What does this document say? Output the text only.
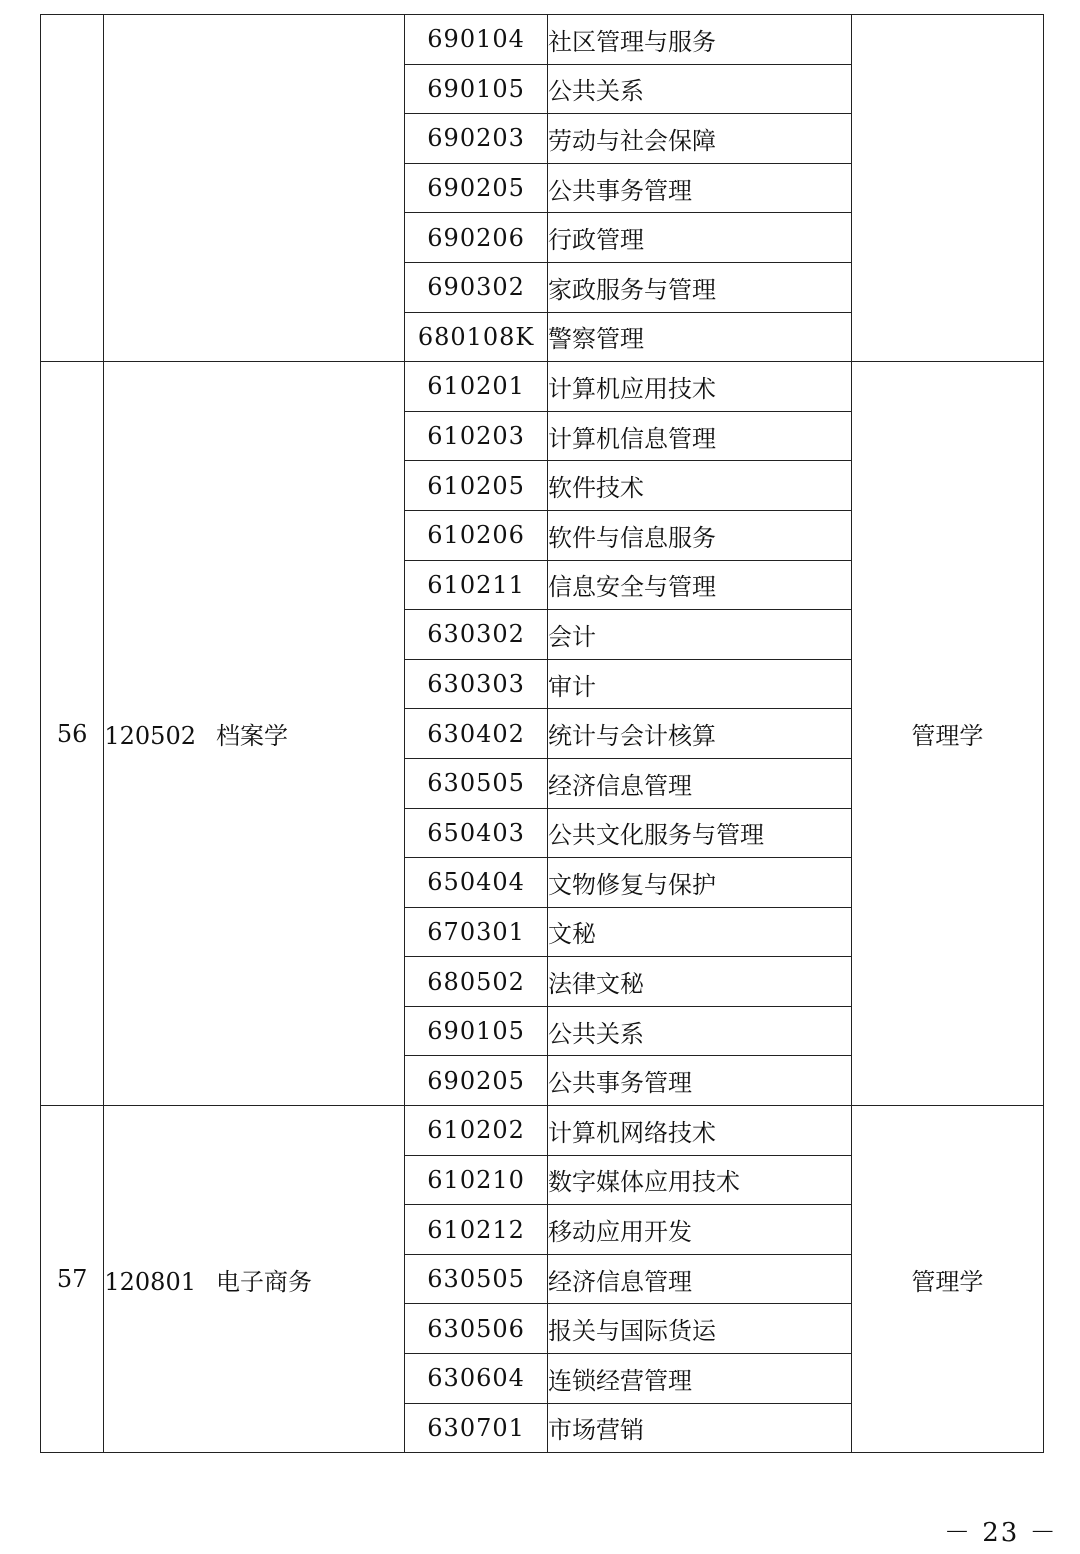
		690104	社区管理与服务	
		690105	公共关系	
		690203	劳动与社会保障	
		690205	公共事务管理	
		690206	行政管理	
		690302	家政服务与管理	
		680108K	警察管理	
56	120502 档案学	610201	计算机应用技术	管理学
		610203	计算机信息管理	
		610205	软件技术	
		610206	软件与信息服务	
		610211	信息安全与管理	
		630302	会计	
		630303	审计	
		630402	统计与会计核算	
		630505	经济信息管理	
		650403	公共文化服务与管理	
		650404	文物修复与保护	
		670301	文秘	
		680502	法律文秘	
		690105	公共关系	
		690205	公共事务管理	
57	120801 电子商务	610202	计算机网络技术	管理学
		610210	数字媒体应用技术	
		610212	移动应用开发	
		630505	经济信息管理	
		630506	报关与国际货运	
		630604	连锁经营管理	
		630701	市场营销	
－ 23 －
